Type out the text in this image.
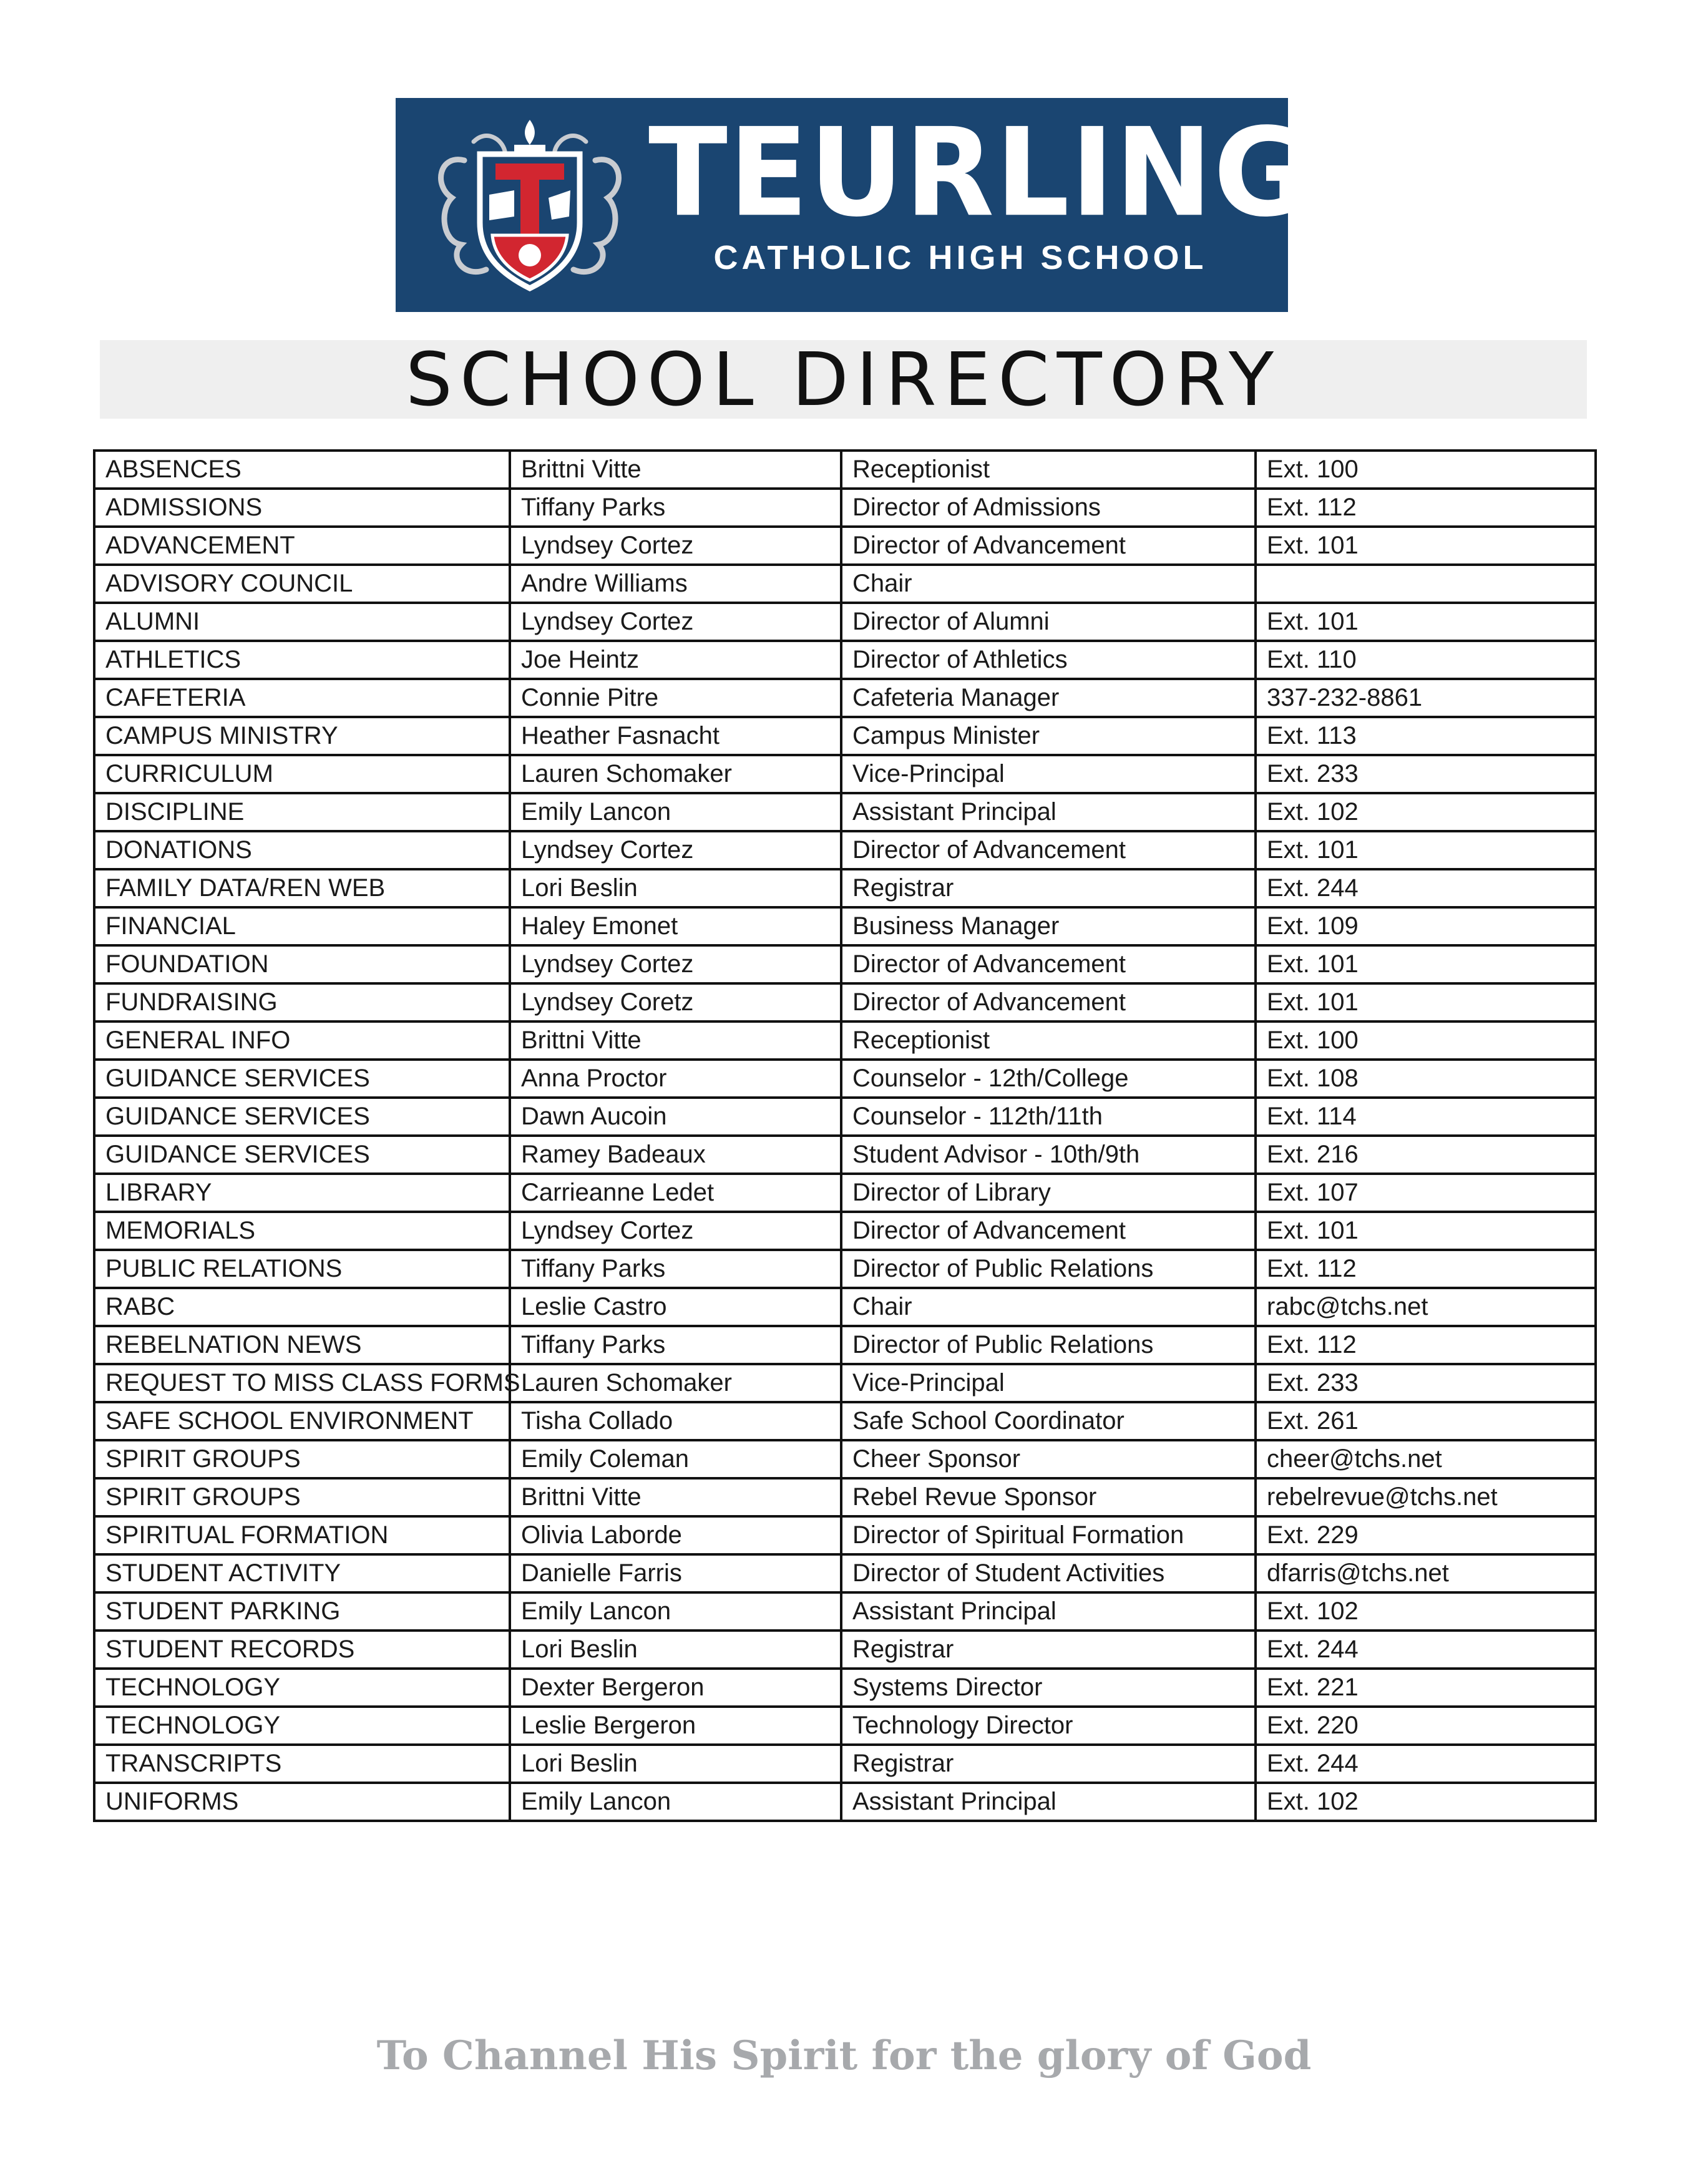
TEURLINGS
CATHOLIC HIGH SCHOOL
SCHOOL DIRECTORY
ABSENCES	Brittni Vitte	Receptionist	Ext. 100
ADMISSIONS	Tiffany Parks	Director of Admissions	Ext. 112
ADVANCEMENT	Lyndsey Cortez	Director of Advancement	Ext. 101
ADVISORY COUNCIL	Andre Williams	Chair	
ALUMNI	Lyndsey Cortez	Director of Alumni	Ext. 101
ATHLETICS	Joe Heintz	Director of Athletics	Ext. 110
CAFETERIA	Connie Pitre	Cafeteria Manager	337-232-8861
CAMPUS MINISTRY	Heather Fasnacht	Campus Minister	Ext. 113
CURRICULUM	Lauren Schomaker	Vice-Principal	Ext. 233
DISCIPLINE	Emily Lancon	Assistant Principal	Ext. 102
DONATIONS	Lyndsey Cortez	Director of Advancement	Ext. 101
FAMILY DATA/REN WEB	Lori Beslin	Registrar	Ext. 244
FINANCIAL	Haley Emonet	Business Manager	Ext. 109
FOUNDATION	Lyndsey Cortez	Director of Advancement	Ext. 101
FUNDRAISING	Lyndsey Coretz	Director of Advancement	Ext. 101
GENERAL INFO	Brittni Vitte	Receptionist	Ext. 100
GUIDANCE SERVICES	Anna Proctor	Counselor - 12th/College	Ext. 108
GUIDANCE SERVICES	Dawn Aucoin	Counselor - 112th/11th	Ext. 114
GUIDANCE SERVICES	Ramey Badeaux	Student Advisor - 10th/9th	Ext. 216
LIBRARY	Carrieanne Ledet	Director of Library	Ext. 107
MEMORIALS	Lyndsey Cortez	Director of Advancement	Ext. 101
PUBLIC RELATIONS	Tiffany Parks	Director of Public Relations	Ext. 112
RABC	Leslie Castro	Chair	rabc@tchs.net
REBELNATION NEWS	Tiffany Parks	Director of Public Relations	Ext. 112
REQUEST TO MISS CLASS FORMS	Lauren Schomaker	Vice-Principal	Ext. 233
SAFE SCHOOL ENVIRONMENT	Tisha Collado	Safe School Coordinator	Ext. 261
SPIRIT GROUPS	Emily Coleman	Cheer Sponsor	cheer@tchs.net
SPIRIT GROUPS	Brittni Vitte	Rebel Revue Sponsor	rebelrevue@tchs.net
SPIRITUAL FORMATION	Olivia Laborde	Director of Spiritual Formation	Ext. 229
STUDENT ACTIVITY	Danielle Farris	Director of Student Activities	dfarris@tchs.net
STUDENT PARKING	Emily Lancon	Assistant Principal	Ext. 102
STUDENT RECORDS	Lori Beslin	Registrar	Ext. 244
TECHNOLOGY	Dexter Bergeron	Systems Director	Ext. 221
TECHNOLOGY	Leslie Bergeron	Technology Director	Ext. 220
TRANSCRIPTS	Lori Beslin	Registrar	Ext. 244
UNIFORMS	Emily Lancon	Assistant Principal	Ext. 102
To Channel His Spirit for the glory of God
